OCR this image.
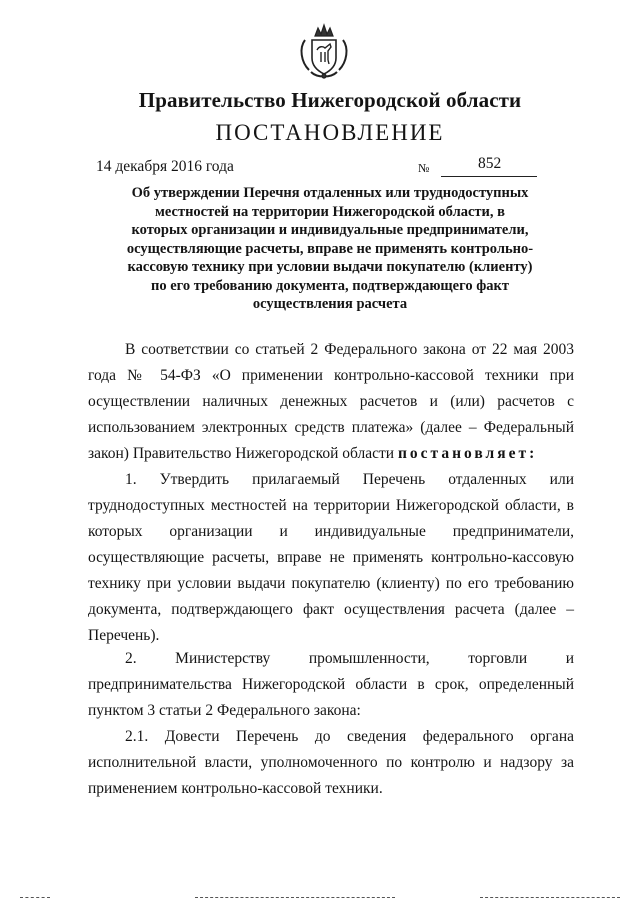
Правительство Нижегородской области
ПОСТАНОВЛЕНИЕ
14 декабря 2016 года	№	852
Об утверждении Перечня отдаленных или труднодоступных
местностей на территории Нижегородской области, в
которых организации и индивидуальные предприниматели,
осуществляющие расчеты, вправе не применять контрольно-
кассовую технику при условии выдачи покупателю (клиенту)
по его требованию документа, подтверждающего факт
осуществления расчета
В соответствии со статьей 2 Федерального закона от 22 мая 2003
года № 54-ФЗ «О применении контрольно-кассовой техники при
осуществлении наличных денежных расчетов и (или) расчетов с
использованием электронных средств платежа» (далее – Федеральный
закон) Правительство Нижегородской области постановляет:
1. Утвердить прилагаемый Перечень отдаленных или
труднодоступных местностей на территории Нижегородской области, в
которых организации и индивидуальные предприниматели,
осуществляющие расчеты, вправе не применять контрольно-кассовую
технику при условии выдачи покупателю (клиенту) по его требованию
документа, подтверждающего факт осуществления расчета (далее –
Перечень).
2. Министерству промышленности, торговли и
предпринимательства Нижегородской области в срок, определенный
пунктом 3 статьи 2 Федерального закона:
2.1. Довести Перечень до сведения федерального органа
исполнительной власти, уполномоченного по контролю и надзору за
применением контрольно-кассовой техники.
